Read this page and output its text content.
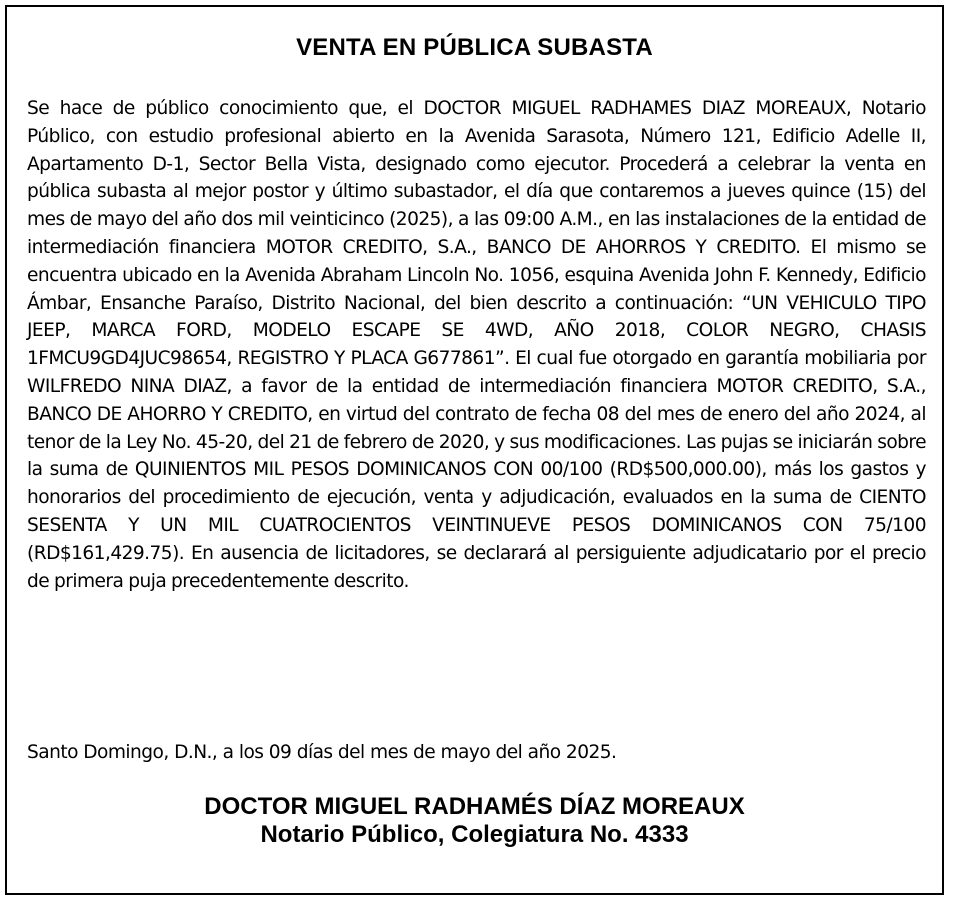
VENTA EN PÚBLICA SUBASTA

Se hace de público conocimiento que, el DOCTOR MIGUEL RADHAMES DIAZ MOREAUX, Notario Público, con estudio profesional abierto en la Avenida Sarasota, Número 121, Edificio Adelle II, Apartamento D-1, Sector Bella Vista, designado como ejecutor. Procederá a celebrar la venta en pública subasta al mejor postor y último subastador, el día que contaremos a jueves quince (15) del mes de mayo del año dos mil veinticinco (2025), a las 09:00 A.M., en las instalaciones de la entidad de intermediación financiera MOTOR CREDITO, S.A., BANCO DE AHORROS Y CREDITO. El mismo se encuentra ubicado en la Avenida Abraham Lincoln No. 1056, esquina Avenida John F. Kennedy, Edificio Ámbar, Ensanche Paraíso, Distrito Nacional, del bien descrito a continuación: “UN VEHICULO TIPO JEEP, MARCA FORD, MODELO ESCAPE SE 4WD, AÑO 2018, COLOR NEGRO, CHASIS 1FMCU9GD4JUC98654, REGISTRO Y PLACA G677861”. El cual fue otorgado en garantía mobiliaria por WILFREDO NINA DIAZ, a favor de la entidad de intermediación financiera MOTOR CREDITO, S.A., BANCO DE AHORRO Y CREDITO, en virtud del contrato de fecha 08 del mes de enero del año 2024, al tenor de la Ley No. 45-20, del 21 de febrero de 2020, y sus modificaciones. Las pujas se iniciarán sobre la suma de QUINIENTOS MIL PESOS DOMINICANOS CON 00/100 (RD$500,000.00), más los gastos y honorarios del procedimiento de ejecución, venta y adjudicación, evaluados en la suma de CIENTO SESENTA Y UN MIL CUATROCIENTOS VEINTINUEVE PESOS DOMINICANOS CON 75/100 (RD$161,429.75). En ausencia de licitadores, se declarará al persiguiente adjudicatario por el precio de primera puja precedentemente descrito.

Santo Domingo, D.N., a los 09 días del mes de mayo del año 2025.

DOCTOR MIGUEL RADHAMÉS DÍAZ MOREAUX
Notario Público, Colegiatura No. 4333
